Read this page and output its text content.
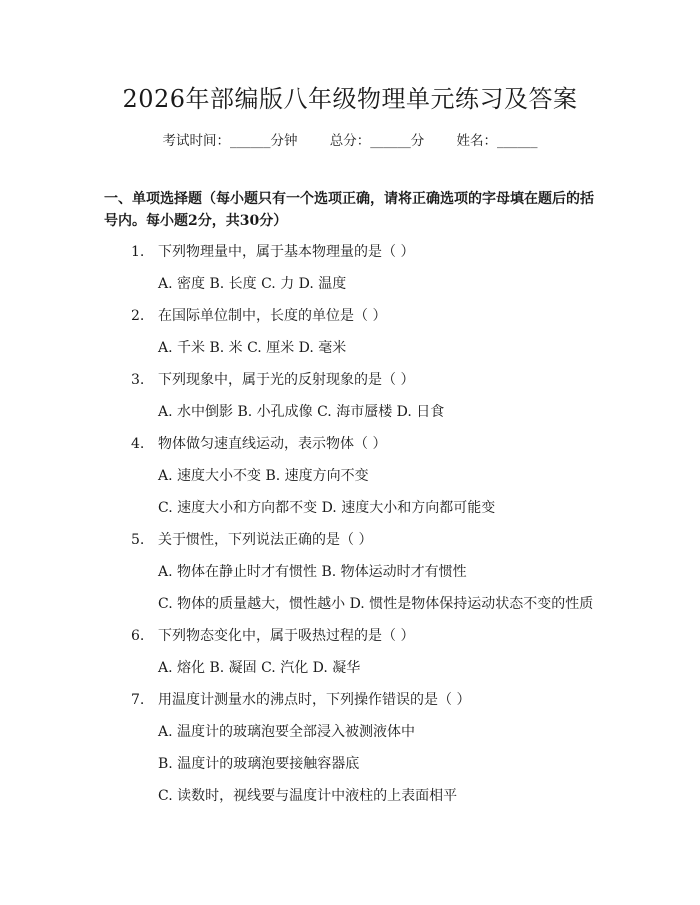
2026年部编版八年级物理单元练习及答案
考试时间：______分钟 总分：______分 姓名：______
一、单项选择题（每小题只有一个选项正确，请将正确选项的字母填在题后的括号内。每小题2分，共30分）
1. 下列物理量中，属于基本物理量的是（ ）
A. 密度 B. 长度 C. 力 D. 温度
2. 在国际单位制中，长度的单位是（ ）
A. 千米 B. 米 C. 厘米 D. 毫米
3. 下列现象中，属于光的反射现象的是（ ）
A. 水中倒影 B. 小孔成像 C. 海市蜃楼 D. 日食
4. 物体做匀速直线运动，表示物体（ ）
A. 速度大小不变 B. 速度方向不变
C. 速度大小和方向都不变 D. 速度大小和方向都可能变
5. 关于惯性，下列说法正确的是（ ）
A. 物体在静止时才有惯性 B. 物体运动时才有惯性
C. 物体的质量越大，惯性越小 D. 惯性是物体保持运动状态不变的性质
6. 下列物态变化中，属于吸热过程的是（ ）
A. 熔化 B. 凝固 C. 汽化 D. 凝华
7. 用温度计测量水的沸点时，下列操作错误的是（ ）
A. 温度计的玻璃泡要全部浸入被测液体中
B. 温度计的玻璃泡要接触容器底
C. 读数时，视线要与温度计中液柱的上表面相平
